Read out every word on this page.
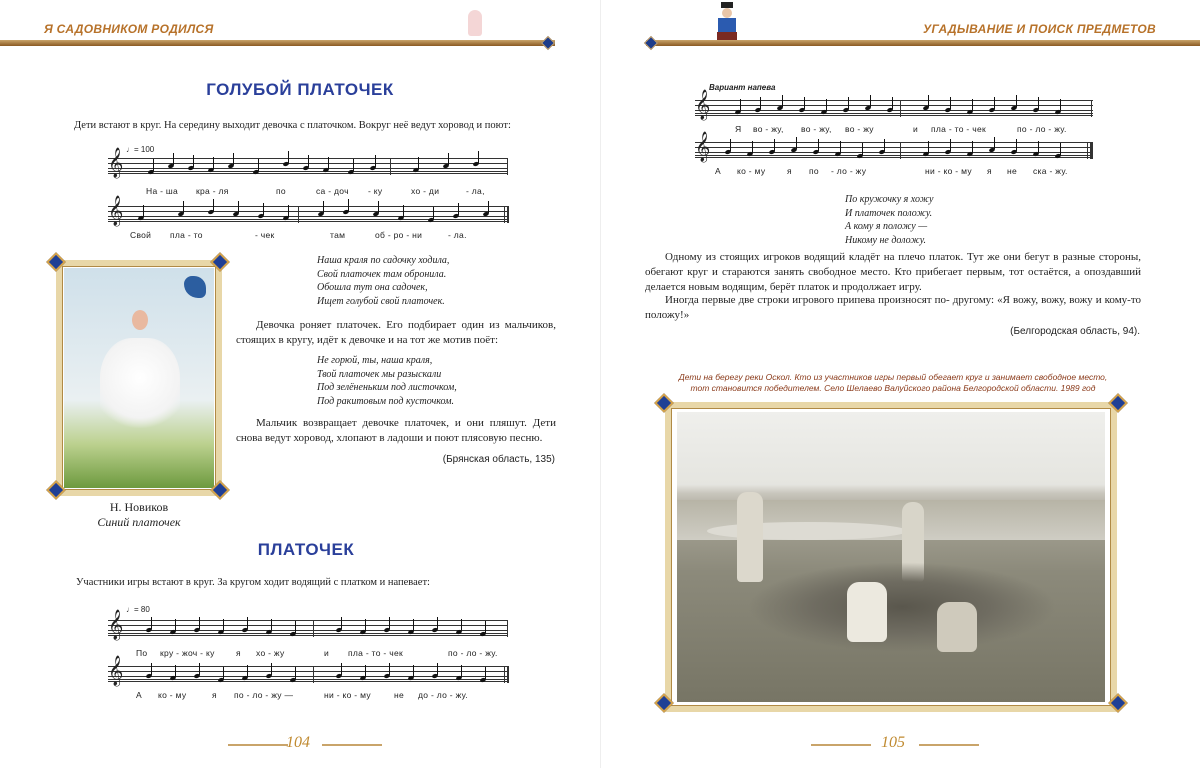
Я САДОВНИКОМ РОДИЛСЯ
ГОЛУБОЙ ПЛАТОЧЕК
Дети встают в круг. На середину выходит девочка с платочком. Вокруг неё ведут хоровод и поют:
♩= 100
𝄞
На - ша кра - ля	по	са - доч - ку	хо - ди	- ла,
𝄞
Свой пла - то	- чек	там	об - ро - ни	- ла.
Н. Новиков
Синий платочек
Наша краля по садочку ходила,
Свой платочек там обронила.
Обошла тут она садочек,
Ищет голубой свой платочек.
Девочка роняет платочек. Его подбирает один из мальчиков, стоящих в кругу, идёт к девочке и на тот же мотив поёт:
Не горюй, ты, наша краля,
Твой платочек мы разыскали
Под зелёненьким под листочком,
Под ракитовым под кусточком.
Мальчик возвращает девочке платочек, и они пляшут. Дети снова ведут хоровод, хлопают в ладоши и поют плясовую песню.
(Брянская область, 135)
ПЛАТОЧЕК
Участники игры встают в круг. За кругом ходит водящий с платком и напевает:
♩= 80
𝄞
По кру - жоч - ку	я хо - жу	и пла - то - чек	по - ло - жу.
𝄞
А ко - му	я по - ло - жу —	ни - ко - му	не до - ло - жу.
104
УГАДЫВАНИЕ И ПОИСК ПРЕДМЕТОВ
Вариант напева
𝄞
Я во - жу, во - жу, во - жу	и пла - то - чек	по - ло - жу.
𝄞
А ко - му	я по - ло - жу	ни - ко - му я не ска - жу.
По кружочку я хожу
И платочек положу.
А кому я положу —
Никому не доложу.
Одному из стоящих игроков водящий кладёт на плечо платок. Тут же они бегут в разные стороны, обегают круг и стараются занять свободное место. Кто прибегает первым, тот остаётся, а опоздавший делается новым водящим, берёт платок и продолжает игру.
Иногда первые две строки игрового припева произносят по- другому: «Я вожу, вожу, вожу и кому-то положу!»
(Белгородская область, 94).
Дети на берегу реки Оскол. Кто из участников игры первый обегает круг и занимает свободное место, тот становится победителем. Село Шелаево Валуйского района Белгородской области. 1989 год
105
